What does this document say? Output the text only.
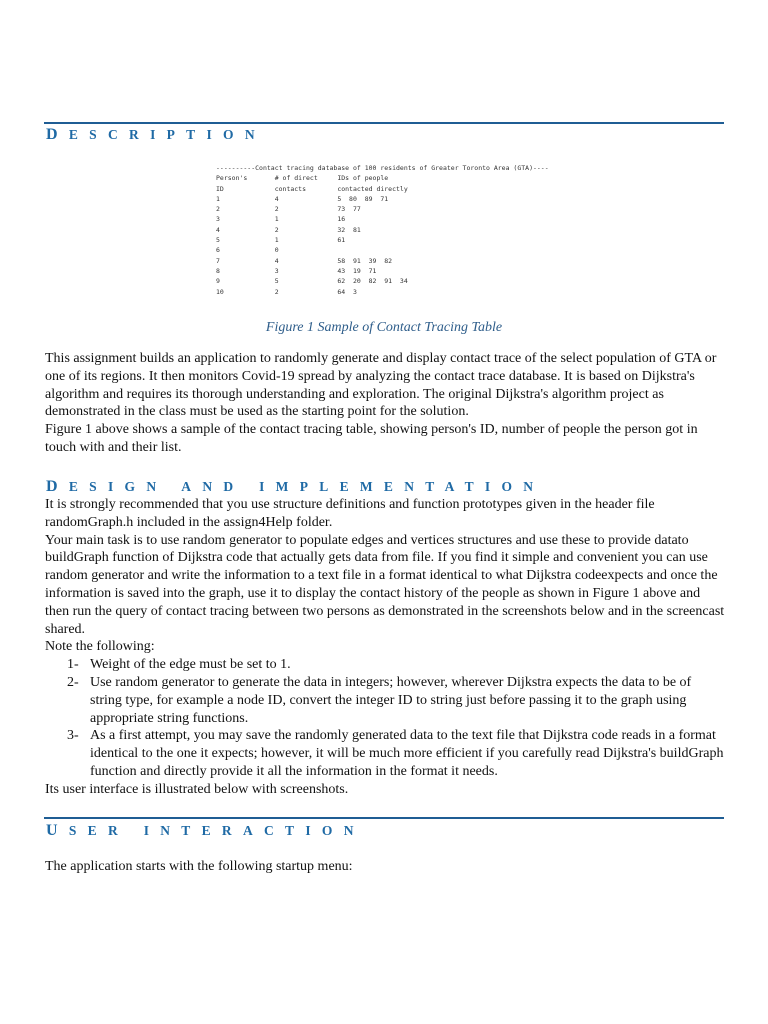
DESCRIPTION
----------Contact tracing database of 100 residents of Greater Toronto Area (GTA)----
Person's       # of direct     IDs of people
ID             contacts        contacted directly
1              4               5  80  89  71
2              2               73  77
3              1               16
4              2               32  81
5              1               61
6              0
7              4               58  91  39  82
8              3               43  19  71
9              5               62  20  82  91  34
10             2               64  3

Figure 1 Sample of Contact Tracing Table

This assignment builds an application to randomly generate and display contact trace of the select population of GTA or one of its regions. It then monitors Covid-19 spread by analyzing the contact trace database. It is based on Dijkstra's algorithm and requires its thorough understanding and exploration. The original Dijkstra's algorithm project as demonstrated in the class must be used as the starting point for the solution.

Figure 1 above shows a sample of the contact tracing table, showing person's ID, number of people the person got in touch with and their list.

DESIGN AND IMPLEMENTATION

It is strongly recommended that you use structure definitions and function prototypes given in the header file randomGraph.h included in the assign4Help folder.

Your main task is to use random generator to populate edges and vertices structures and use these to provide datato buildGraph function of Dijkstra code that actually gets data from file. If you find it simple and convenient you can use random generator and write the information to a text file in a format identical to what Dijkstra codeexpects and once the information is saved into the graph, use it to display the contact history of the people as shown in Figure 1 above and then run the query of contact tracing between two persons as demonstrated in the screenshots below and in the screencast shared.

Note the following:

1- Weight of the edge must be set to 1.
2- Use random generator to generate the data in integers; however, wherever Dijkstra expects the data to be of string type, for example a node ID, convert the integer ID to string just before passing it to the graph using appropriate string functions.
3- As a first attempt, you may save the randomly generated data to the text file that Dijkstra code reads in a format identical to the one it expects; however, it will be much more efficient if you carefully read Dijkstra's buildGraph function and directly provide it all the information in the format it needs.

Its user interface is illustrated below with screenshots.

USER INTERACTION

The application starts with the following startup menu:
